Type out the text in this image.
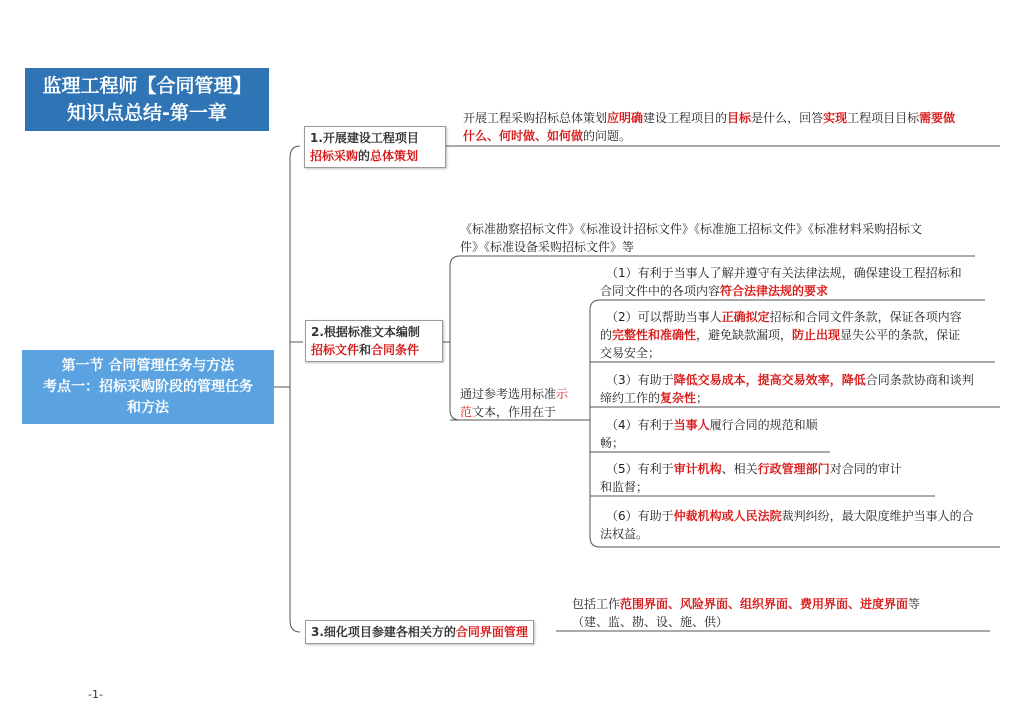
监理工程师【合同管理】
知识点总结-第一章
第一节 合同管理任务与方法
考点一：招标采购阶段的管理任务
和方法
1.开展建设工程项目
招标采购的总体策划
开展工程采购招标总体策划应明确建设工程项目的目标是什么，回答实现工程项目目标需要做
什么、何时做、如何做的问题。
2.根据标准文本编制
招标文件和合同条件
《标准勘察招标文件》《标准设计招标文件》《标准施工招标文件》《标准材料采购招标文
件》《标准设备采购招标文件》等
通过参考选用标准示
范文本，作用在于
（1）有利于当事人了解并遵守有关法律法规，确保建设工程招标和
合同文件中的各项内容符合法律法规的要求
（2）可以帮助当事人正确拟定招标和合同文件条款，保证各项内容
的完整性和准确性，避免缺款漏项，防止出现显失公平的条款，保证
交易安全；
（3）有助于降低交易成本，提高交易效率，降低合同条款协商和谈判
缔约工作的复杂性；
（4）有利于当事人履行合同的规范和顺
畅；
（5）有利于审计机构、相关行政管理部门对合同的审计
和监督；
（6）有助于仲裁机构或人民法院裁判纠纷，最大限度维护当事人的合
法权益。
3.细化项目参建各相关方的合同界面管理
包括工作范围界面、风险界面、组织界面、费用界面、进度界面等
（建、监、勘、设、施、供）
-1-
